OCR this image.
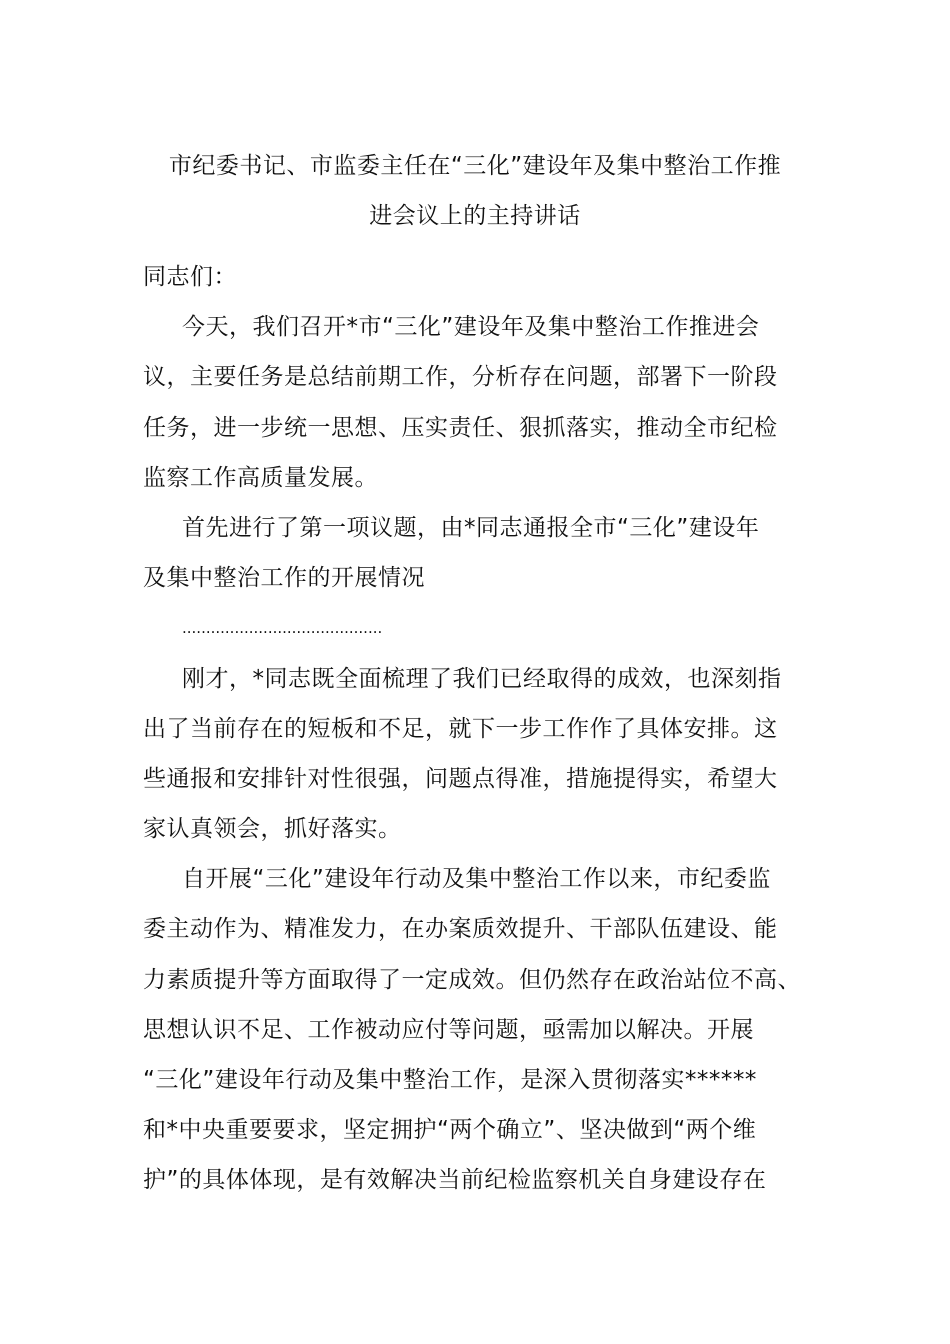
市纪委书记、市监委主任在“三化”建设年及集中整治工作推
进会议上的主持讲话
同志们：
今天，我们召开*市“三化”建设年及集中整治工作推进会
议，主要任务是总结前期工作，分析存在问题，部署下一阶段
任务，进一步统一思想、压实责任、狠抓落实，推动全市纪检
监察工作高质量发展。
首先进行了第一项议题，由*同志通报全市“三化”建设年
及集中整治工作的开展情况
..........................................
刚才，*同志既全面梳理了我们已经取得的成效，也深刻指
出了当前存在的短板和不足，就下一步工作作了具体安排。这
些通报和安排针对性很强，问题点得准，措施提得实，希望大
家认真领会，抓好落实。
自开展“三化”建设年行动及集中整治工作以来，市纪委监
委主动作为、精准发力，在办案质效提升、干部队伍建设、能
力素质提升等方面取得了一定成效。但仍然存在政治站位不高、
思想认识不足、工作被动应付等问题，亟需加以解决。开展
“三化”建设年行动及集中整治工作，是深入贯彻落实******
和*中央重要要求，坚定拥护“两个确立”、坚决做到“两个维
护”的具体体现，是有效解决当前纪检监察机关自身建设存在
